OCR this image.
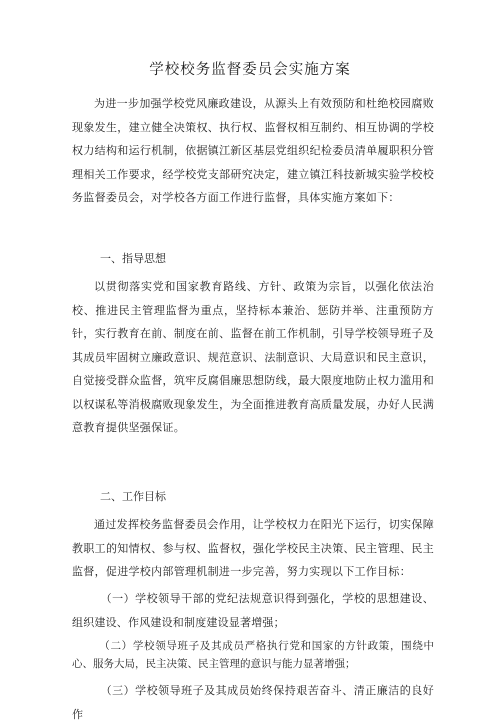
学校校务监督委员会实施方案

为进一步加强学校党风廉政建设，从源头上有效预防和杜绝校园腐败现象发生，建立健全决策权、执行权、监督权相互制约、相互协调的学校权力结构和运行机制，依据镇江新区基层党组织纪检委员清单履职积分管理相关工作要求，经学校党支部研究决定，建立镇江科技新城实验学校校务监督委员会，对学校各方面工作进行监督，具体实施方案如下：

一、指导思想

以贯彻落实党和国家教育路线、方针、政策为宗旨，以强化依法治校、推进民主管理监督为重点，坚持标本兼治、惩防并举、注重预防方针，实行教育在前、制度在前、监督在前工作机制，引导学校领导班子及其成员牢固树立廉政意识、规范意识、法制意识、大局意识和民主意识，自觉接受群众监督，筑牢反腐倡廉思想防线，最大限度地防止权力滥用和以权谋私等消极腐败现象发生，为全面推进教育高质量发展，办好人民满意教育提供坚强保证。

二、工作目标

通过发挥校务监督委员会作用，让学校权力在阳光下运行，切实保障教职工的知情权、参与权、监督权，强化学校民主决策、民主管理、民主监督，促进学校内部管理机制进一步完善，努力实现以下工作目标：

（一）学校领导干部的党纪法规意识得到强化，学校的思想建设、组织建设、作风建设和制度建设显著增强；

（二）学校领导班子及其成员严格执行党和国家的方针政策，围绕中心、服务大局，民主决策、民主管理的意识与能力显著增强；

（三）学校领导班子及其成员始终保持艰苦奋斗、清正廉洁的良好作
